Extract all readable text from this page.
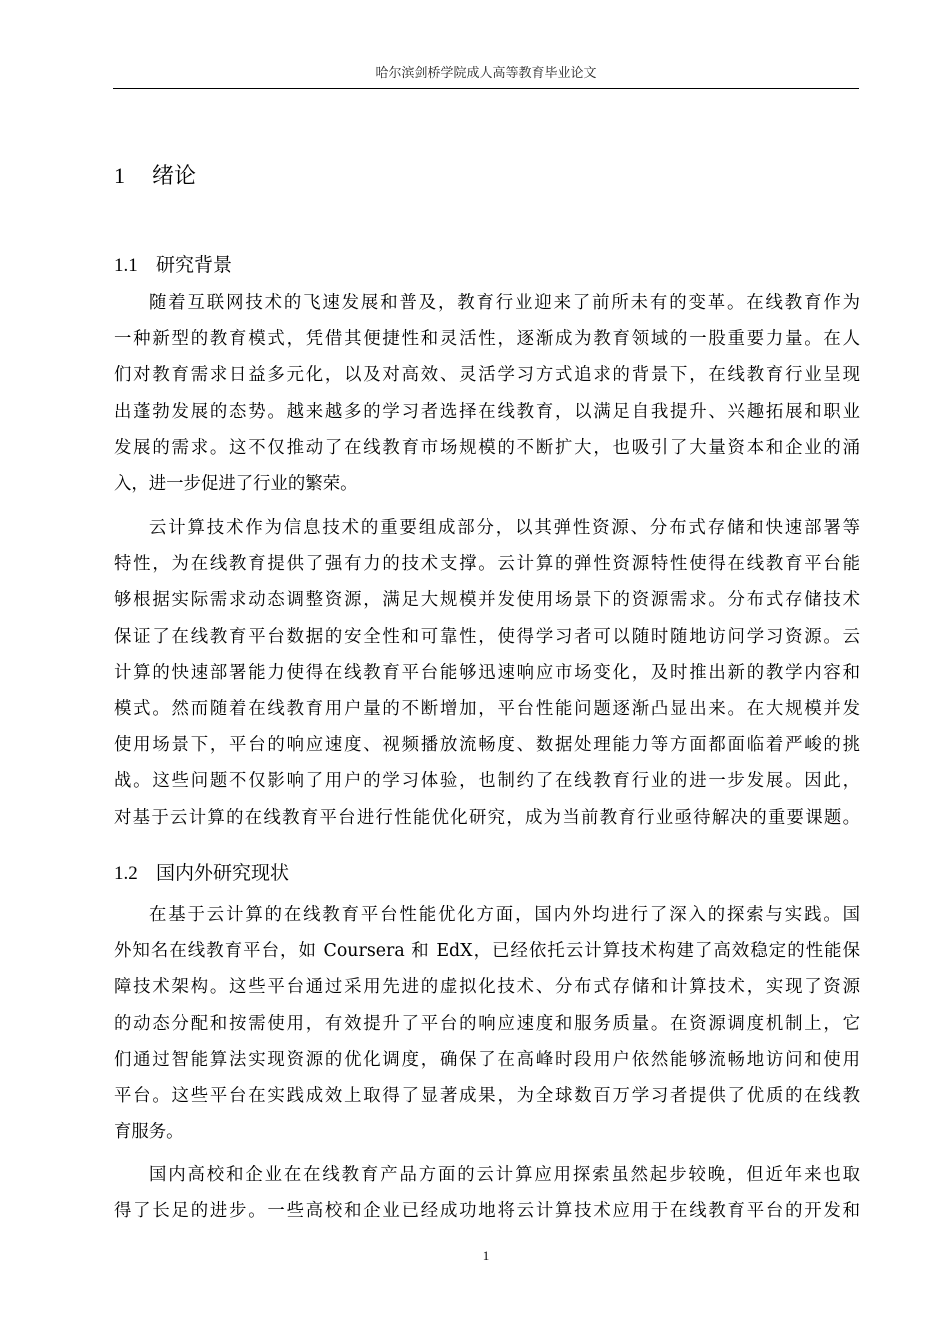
哈尔滨剑桥学院成人高等教育毕业论文
1 绪论
1.1 研究背景
随着互联网技术的飞速发展和普及，教育行业迎来了前所未有的变革。在线教育作为
一种新型的教育模式，凭借其便捷性和灵活性，逐渐成为教育领域的一股重要力量。在人
们对教育需求日益多元化，以及对高效、灵活学习方式追求的背景下，在线教育行业呈现
出蓬勃发展的态势。越来越多的学习者选择在线教育，以满足自我提升、兴趣拓展和职业
发展的需求。这不仅推动了在线教育市场规模的不断扩大，也吸引了大量资本和企业的涌
入，进一步促进了行业的繁荣。
云计算技术作为信息技术的重要组成部分，以其弹性资源、分布式存储和快速部署等
特性，为在线教育提供了强有力的技术支撑。云计算的弹性资源特性使得在线教育平台能
够根据实际需求动态调整资源，满足大规模并发使用场景下的资源需求。分布式存储技术
保证了在线教育平台数据的安全性和可靠性，使得学习者可以随时随地访问学习资源。云
计算的快速部署能力使得在线教育平台能够迅速响应市场变化，及时推出新的教学内容和
模式。然而随着在线教育用户量的不断增加，平台性能问题逐渐凸显出来。在大规模并发
使用场景下，平台的响应速度、视频播放流畅度、数据处理能力等方面都面临着严峻的挑
战。这些问题不仅影响了用户的学习体验，也制约了在线教育行业的进一步发展。因此，
对基于云计算的在线教育平台进行性能优化研究，成为当前教育行业亟待解决的重要课题。
1.2 国内外研究现状
在基于云计算的在线教育平台性能优化方面，国内外均进行了深入的探索与实践。国
外知名在线教育平台，如 Coursera 和 EdX，已经依托云计算技术构建了高效稳定的性能保
障技术架构。这些平台通过采用先进的虚拟化技术、分布式存储和计算技术，实现了资源
的动态分配和按需使用，有效提升了平台的响应速度和服务质量。在资源调度机制上，它
们通过智能算法实现资源的优化调度，确保了在高峰时段用户依然能够流畅地访问和使用
平台。这些平台在实践成效上取得了显著成果，为全球数百万学习者提供了优质的在线教
育服务。
国内高校和企业在在线教育产品方面的云计算应用探索虽然起步较晚，但近年来也取
得了长足的进步。一些高校和企业已经成功地将云计算技术应用于在线教育平台的开发和
1
